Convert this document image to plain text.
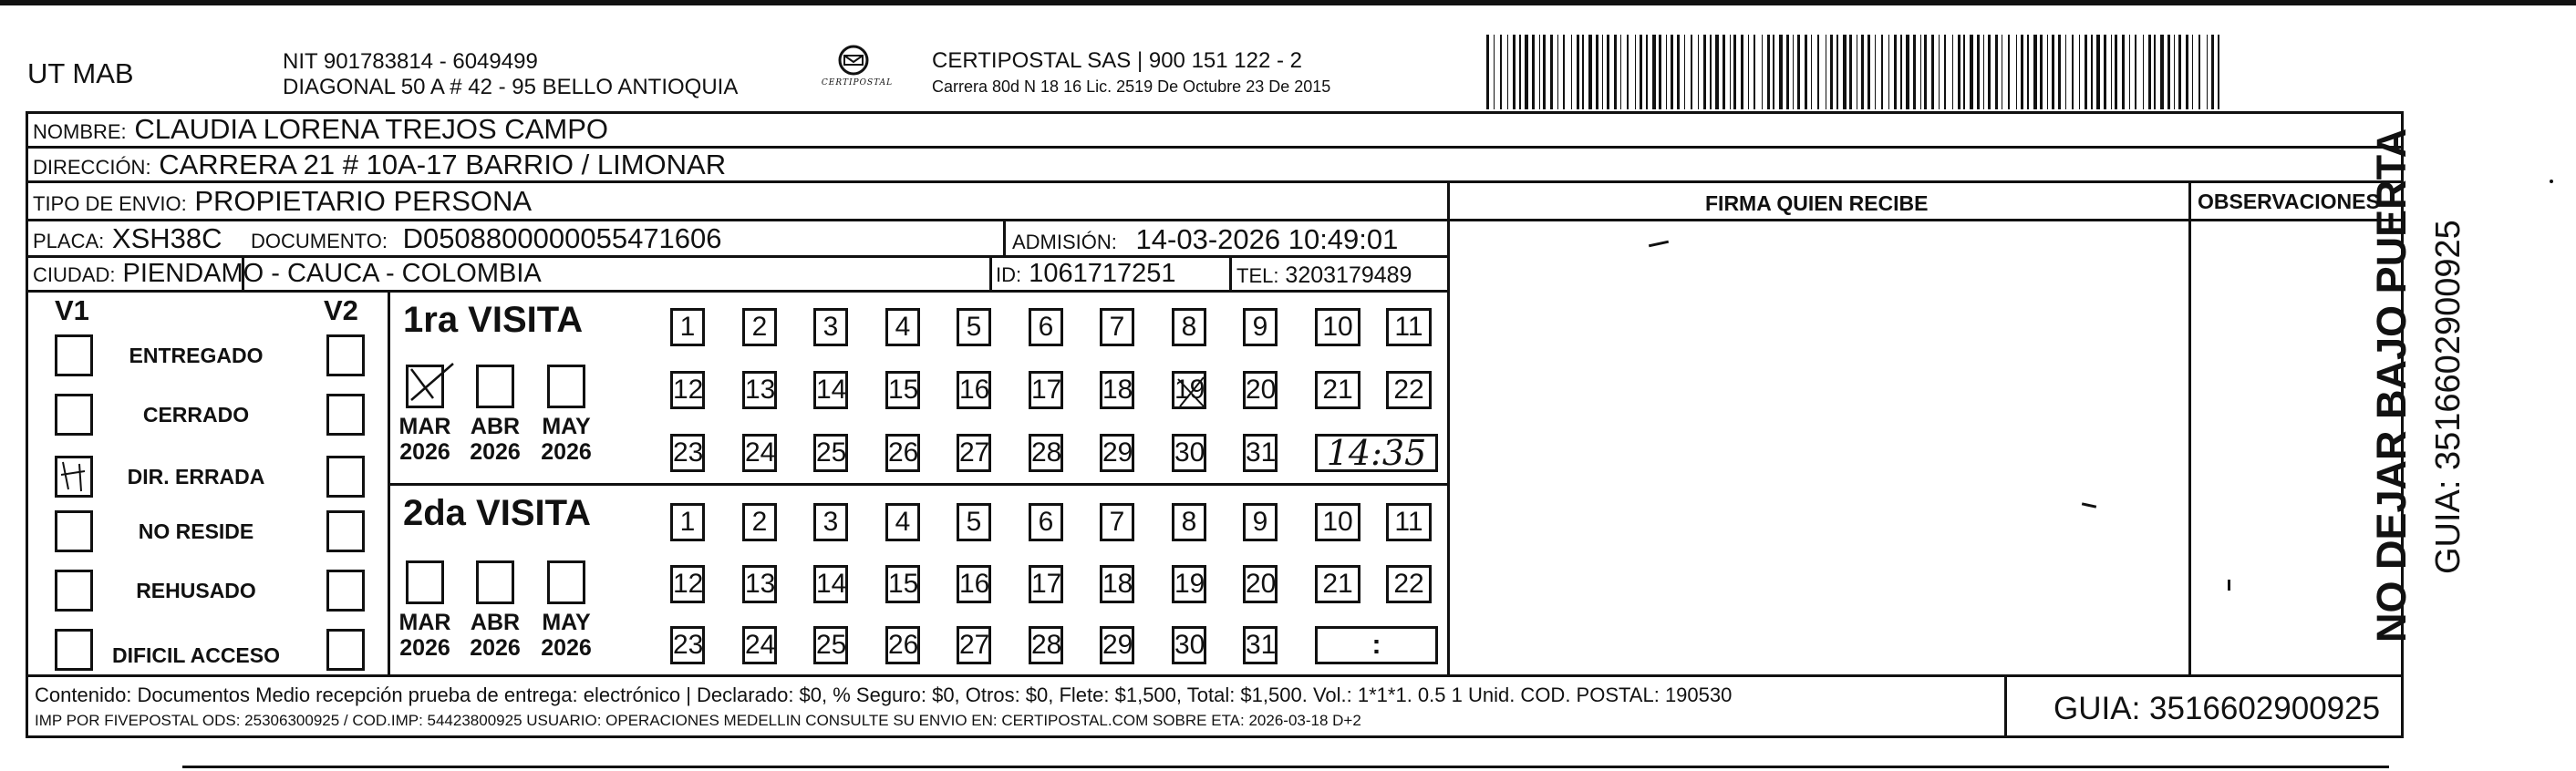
UT MAB	NIT 901783814 - 6049499
DIAGONAL 50 A # 42 - 95 BELLO ANTIOQUIA	CERTIPOSTAL
CERTIPOSTAL SAS | 900 151 122 - 2
Carrera 80d N 18 16 Lic. 2519 De Octubre 23 De 2015
NOMBRE: CLAUDIA LORENA TREJOS CAMPO
DIRECCIÓN: CARRERA 21 # 10A-17 BARRIO / LIMONAR
TIPO DE ENVIO: PROPIETARIO PERSONA
PLACA: XSH38C DOCUMENTO: D0508800000055471606	ADMISIÓN: 14-03-2026 10:49:01
CIUDAD: PIENDAMO - CAUCA - COLOMBIA	ID: 1061717251	TEL: 3203179489
FIRMA QUIEN RECIBE	OBSERVACIONES
V1	V2
ENTREGADO
CERRADO
DIR. ERRADA
NO RESIDE
REHUSADO
DIFICIL ACCESO
1ra VISITA
MAR
2026
ABR
2026
MAY
2026
1	2	3	4	5	6	7	8	9	10	11
12 13 14 15 16 17 18 19 20 21 22
23 24 25 26 27 28 29 30 31	14:35
2da VISITA
MAR
2026
ABR
2026
MAY
2026
1	2	3	4	5	6	7	8	9	10	11
12 13 14 15 16 17 18 19 20 21 22
23 24 25 26 27 28 29 30 31	:
Contenido: Documentos Medio recepción prueba de entrega: electrónico | Declarado: $0, % Seguro: $0, Otros: $0, Flete: $1,500, Total: $1,500. Vol.: 1*1*1. 0.5 1 Unid. COD. POSTAL: 190530
IMP POR FIVEPOSTAL ODS: 25306300925 / COD.IMP: 54423800925 USUARIO: OPERACIONES MEDELLIN CONSULTE SU ENVIO EN: CERTIPOSTAL.COM SOBRE ETA: 2026-03-18 D+2	GUIA: 3516602900925
NO DEJAR BAJO PUERTA GUIA: 3516602900925
